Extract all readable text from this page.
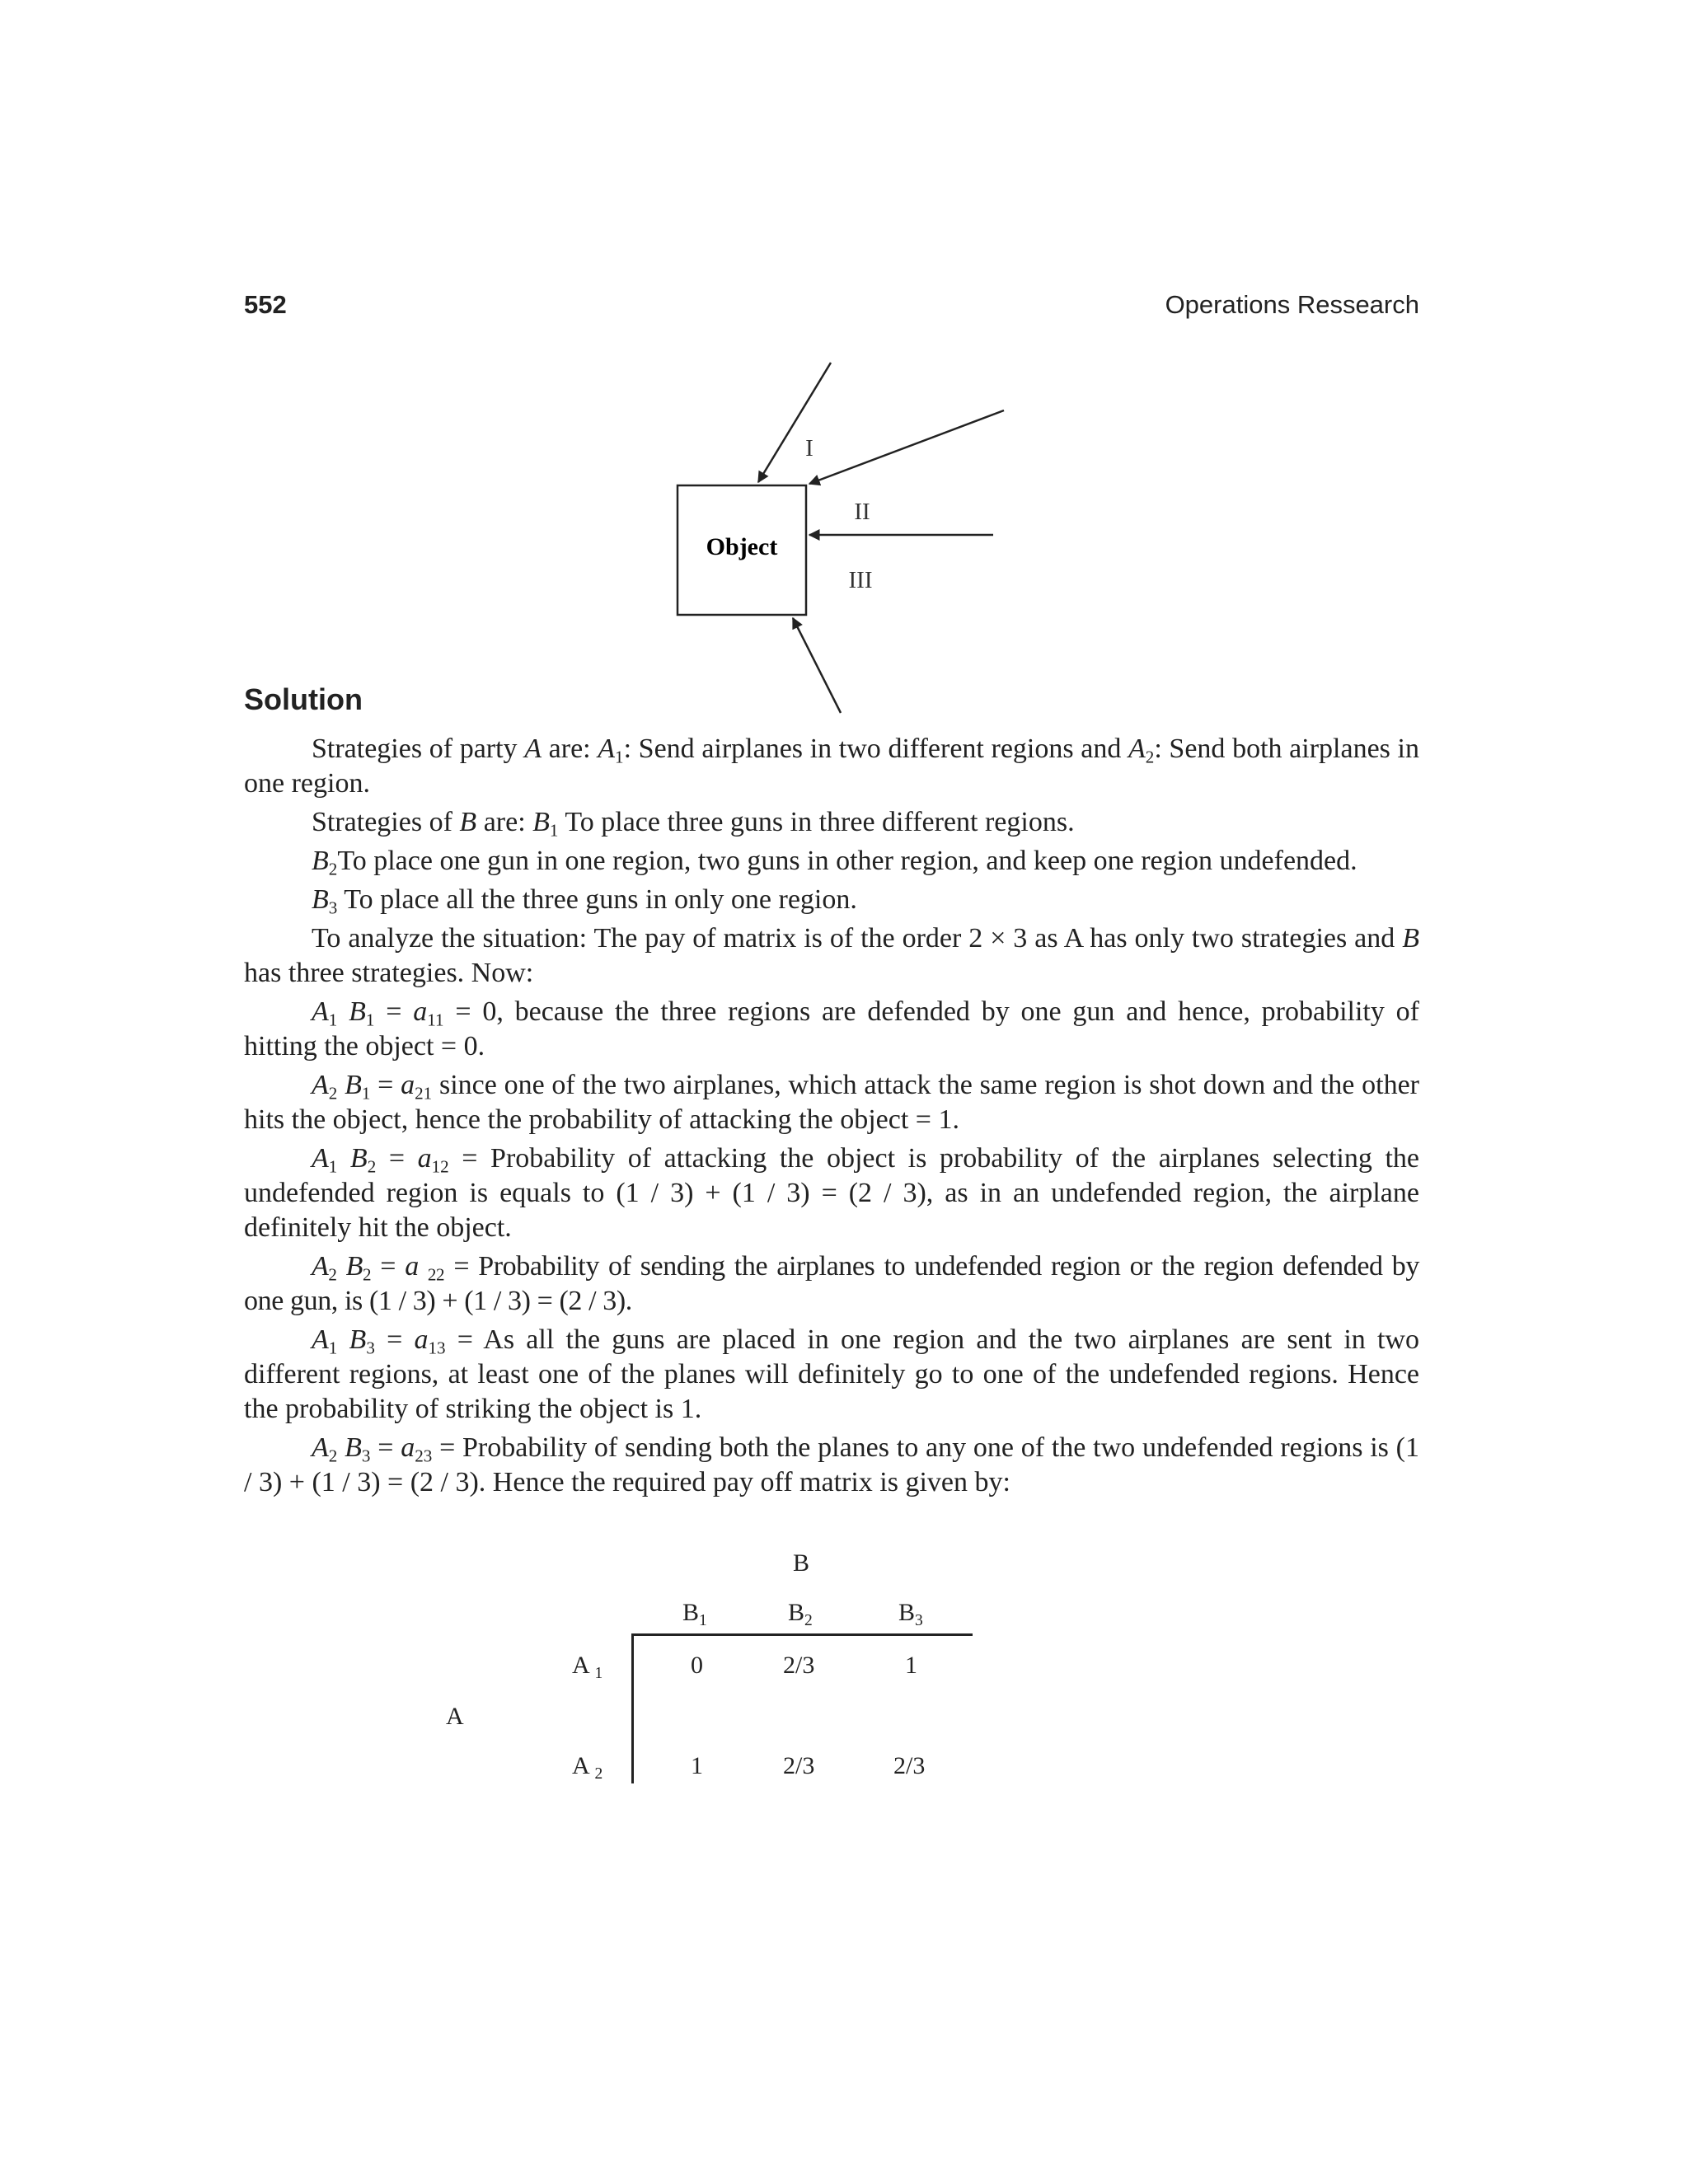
552	Operations Ressearch
Object
I
II
III
Solution

Strategies of party A are: $A_1$: Send airplanes in two different regions and $A_2$: Send both airplanes in one region.

Strategies of B are: $B_1$ To place three guns in three different regions.

$B_2To$ place one gun in one region, two guns in other region, and keep one region undefended.

$B_3$ To place all the three guns in only one region.

To analyze the situation: The pay of matrix is of the order 2 × 3 as A has only two strategies and B has three strategies. Now:

$A_1$ $B_1 = a_{11} = 0$, because the three regions are defended by one gun and hence, probability of hitting the object = 0.

$A_2$ $B_1 = a_{21}$ since one of the two airplanes, which attack the same region is shot down and the other hits the object, hence the probability of attacking the object = 1.

$A_1$ $B_2 = a_{12}$ = Probability of attacking the object is probability of the airplanes selecting the undefended region is equals to (1 / 3) + (1 / 3) = (2 / 3), as in an undefended region, the airplane definitely hit the object.

$A_2$ $B_2 = a$ $_{22}$ = Probability of sending the airplanes to undefended region or the region defended by one gun, is (1 / 3) + (1 / 3) = (2 / 3).

$A_1$ $B_3 = a_{13} = As$ all the guns are placed in one region and the two airplanes are sent in two different regions, at least one of the planes will definitely go to one of the undefended regions. Hence the probability of striking the object is 1.

$A_2$ $B_3 = a_{23}$ = Probability of sending both the planes to any one of the two undefended regions is (1 / 3) + (1 / 3) = (2 / 3). Hence the required pay off matrix is given by:

B
A
$B_1$	$B_2$	$B_3$
A $_1$	0	2/3	1
A $_2$	1	2/3	2/3
